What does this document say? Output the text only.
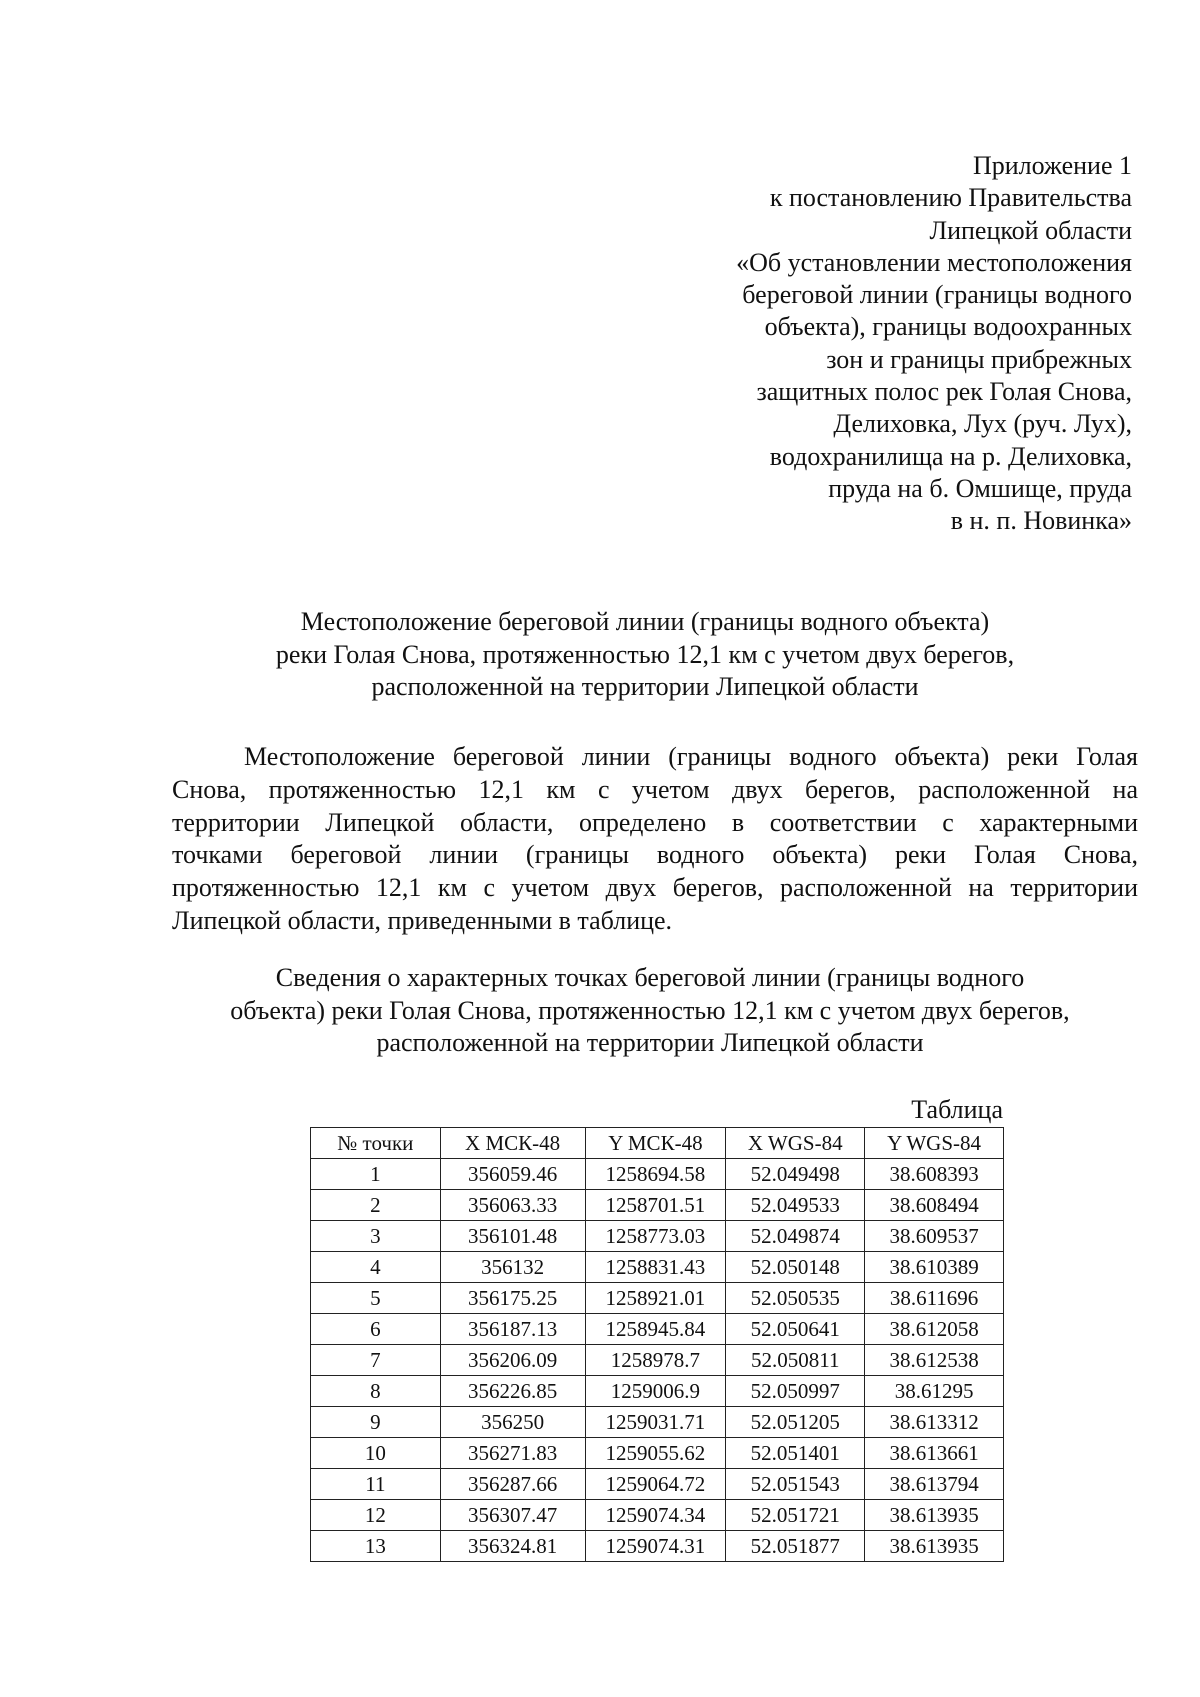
Приложение 1
к постановлению Правительства
Липецкой области
«Об установлении местоположения
береговой линии (границы водного
объекта), границы водоохранных
зон и границы прибрежных
защитных полос рек Голая Снова,
Делиховка, Лух (руч. Лух),
водохранилища на р. Делиховка,
пруда на б. Омшище, пруда
в н. п. Новинка»
Местоположение береговой линии (границы водного объекта)
реки Голая Снова, протяженностью 12,1 км с учетом двух берегов,
расположенной на территории Липецкой области
Местоположение береговой линии (границы водного объекта) реки Голая
Снова, протяженностью 12,1 км с учетом двух берегов, расположенной на
территории Липецкой области, определено в соответствии с характерными
точками береговой линии (границы водного объекта) реки Голая Снова,
протяженностью 12,1 км с учетом двух берегов, расположенной на территории
Липецкой области, приведенными в таблице.
Сведения о характерных точках береговой линии (границы водного
объекта) реки Голая Снова, протяженностью 12,1 км с учетом двух берегов,
расположенной на территории Липецкой области
Таблица
№ точки	X МСК-48	Y МСК-48	X WGS-84	Y WGS-84
1	356059.46	1258694.58	52.049498	38.608393
2	356063.33	1258701.51	52.049533	38.608494
3	356101.48	1258773.03	52.049874	38.609537
4	356132	1258831.43	52.050148	38.610389
5	356175.25	1258921.01	52.050535	38.611696
6	356187.13	1258945.84	52.050641	38.612058
7	356206.09	1258978.7	52.050811	38.612538
8	356226.85	1259006.9	52.050997	38.61295
9	356250	1259031.71	52.051205	38.613312
10	356271.83	1259055.62	52.051401	38.613661
11	356287.66	1259064.72	52.051543	38.613794
12	356307.47	1259074.34	52.051721	38.613935
13	356324.81	1259074.31	52.051877	38.613935
